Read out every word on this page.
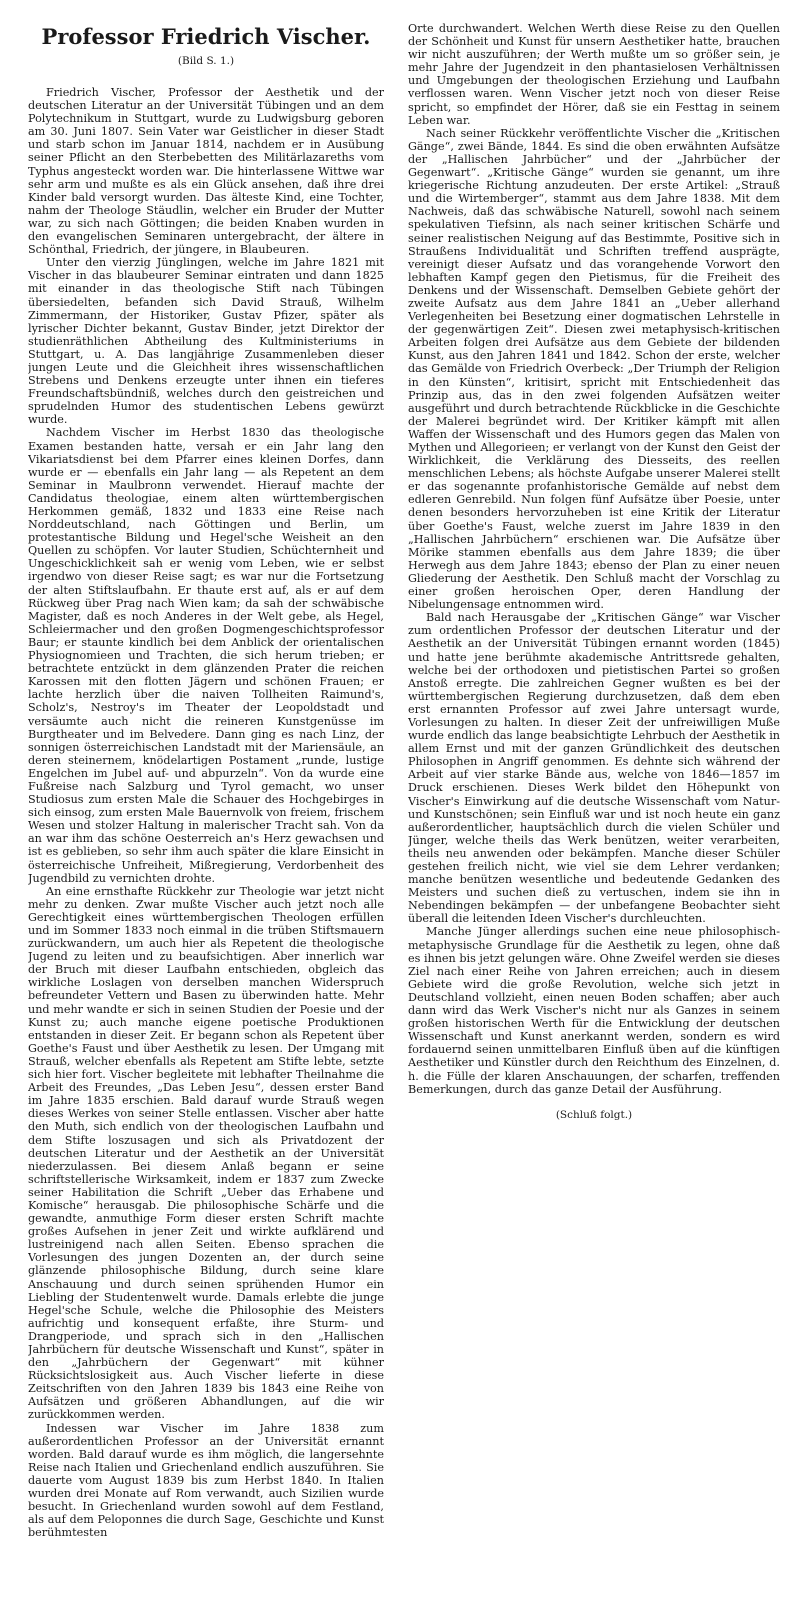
Professor Friedrich Vischer.
(Bild S. 1.)

Friedrich Vischer, Professor der Aesthetik und der deutschen Literatur an der Universität Tübingen und an dem Polytechnikum in Stuttgart, wurde zu Ludwigsburg geboren am 30. Juni 1807. Sein Vater war Geistlicher in dieser Stadt und starb schon im Januar 1814, nachdem er in Ausübung seiner Pflicht an den Sterbebetten des Militärlazareths vom Typhus angesteckt worden war. Die hinterlassene Wittwe war sehr arm und mußte es als ein Glück ansehen, daß ihre drei Kinder bald versorgt wurden. Das älteste Kind, eine Tochter, nahm der Theologe Stäudlin, welcher ein Bruder der Mutter war, zu sich nach Göttingen; die beiden Knaben wurden in den evangelischen Seminaren untergebracht, der ältere in Schönthal, Friedrich, der jüngere, in Blaubeuren.

Unter den vierzig Jünglingen, welche im Jahre 1821 mit Vischer in das blaubeurer Seminar eintraten und dann 1825 mit einander in das theologische Stift nach Tübingen übersiedelten, befanden sich David Strauß, Wilhelm Zimmermann, der Historiker, Gustav Pfizer, später als lyrischer Dichter bekannt, Gustav Binder, jetzt Direktor der studienräthlichen Abtheilung des Kultministeriums in Stuttgart, u. A. Das langjährige Zusammenleben dieser jungen Leute und die Gleichheit ihres wissenschaftlichen Strebens und Denkens erzeugte unter ihnen ein tieferes Freundschaftsbündniß, welches durch den geistreichen und sprudelnden Humor des studentischen Lebens gewürzt wurde.

Nachdem Vischer im Herbst 1830 das theologische Examen bestanden hatte, versah er ein Jahr lang den Vikariatsdienst bei dem Pfarrer eines kleinen Dorfes, dann wurde er — ebenfalls ein Jahr lang — als Repetent an dem Seminar in Maulbronn verwendet. Hierauf machte der Candidatus theologiae, einem alten württembergischen Herkommen gemäß, 1832 und 1833 eine Reise nach Norddeutschland, nach Göttingen und Berlin, um protestantische Bildung und Hegel'sche Weisheit an den Quellen zu schöpfen. Vor lauter Studien, Schüchternheit und Ungeschicklichkeit sah er wenig vom Leben, wie er selbst irgendwo von dieser Reise sagt; es war nur die Fortsetzung der alten Stiftslaufbahn. Er thaute erst auf, als er auf dem Rückweg über Prag nach Wien kam; da sah der schwäbische Magister, daß es noch Anderes in der Welt gebe, als Hegel, Schleiermacher und den großen Dogmengeschichtsprofessor Baur; er staunte kindlich bei dem Anblick der orientalischen Physiognomieen und Trachten, die sich herum trieben; er betrachtete entzückt in dem glänzenden Prater die reichen Karossen mit den flotten Jägern und schönen Frauen; er lachte herzlich über die naiven Tollheiten Raimund's, Scholz's, Nestroy's im Theater der Leopoldstadt und versäumte auch nicht die reineren Kunstgenüsse im Burgtheater und im Belvedere. Dann ging es nach Linz, der sonnigen österreichischen Landstadt mit der Mariensäule, an deren steinernem, knödelartigen Postament „runde, lustige Engelchen im Jubel auf- und abpurzeln“. Von da wurde eine Fußreise nach Salzburg und Tyrol gemacht, wo unser Studiosus zum ersten Male die Schauer des Hochgebirges in sich einsog, zum ersten Male Bauernvolk von freiem, frischem Wesen und stolzer Haltung in malerischer Tracht sah. Von da an war ihm das schöne Oesterreich an's Herz gewachsen und ist es geblieben, so sehr ihm auch später die klare Einsicht in österreichische Unfreiheit, Mißregierung, Verdorbenheit des Jugendbild zu vernichten drohte.

An eine ernsthafte Rückkehr zur Theologie war jetzt nicht mehr zu denken. Zwar mußte Vischer auch jetzt noch alle Gerechtigkeit eines württembergischen Theologen erfüllen und im Sommer 1833 noch einmal in die trüben Stiftsmauern zurückwandern, um auch hier als Repetent die theologische Jugend zu leiten und zu beaufsichtigen. Aber innerlich war der Bruch mit dieser Laufbahn entschieden, obgleich das wirkliche Loslagen von derselben manchen Widerspruch befreundeter Vettern und Basen zu überwinden hatte. Mehr und mehr wandte er sich in seinen Studien der Poesie und der Kunst zu; auch manche eigene poetische Produktionen entstanden in dieser Zeit. Er begann schon als Repetent über Goethe's Faust und über Aesthetik zu lesen. Der Umgang mit Strauß, welcher ebenfalls als Repetent am Stifte lebte, setzte sich hier fort. Vischer begleitete mit lebhafter Theilnahme die Arbeit des Freundes, „Das Leben Jesu“, dessen erster Band im Jahre 1835 erschien. Bald darauf wurde Strauß wegen dieses Werkes von seiner Stelle entlassen. Vischer aber hatte den Muth, sich endlich von der theologischen Laufbahn und dem Stifte loszusagen und sich als Privatdozent der deutschen Literatur und der Aesthetik an der Universität niederzulassen. Bei diesem Anlaß begann er seine schriftstellerische Wirksamkeit, indem er 1837 zum Zwecke seiner Habilitation die Schrift „Ueber das Erhabene und Komische“ herausgab. Die philosophische Schärfe und die gewandte, anmuthige Form dieser ersten Schrift machte großes Aufsehen in jener Zeit und wirkte aufklärend und lustreinigend nach allen Seiten. Ebenso sprachen die Vorlesungen des jungen Dozenten an, der durch seine glänzende philosophische Bildung, durch seine klare Anschauung und durch seinen sprühenden Humor ein Liebling der Studentenwelt wurde. Damals erlebte die junge Hegel'sche Schule, welche die Philosophie des Meisters aufrichtig und konsequent erfaßte, ihre Sturm- und Drangperiode, und sprach sich in den „Hallischen Jahrbüchern für deutsche Wissenschaft und Kunst“, später in den „Jahrbüchern der Gegenwart“ mit kühner Rücksichtslosigkeit aus. Auch Vischer lieferte in diese Zeitschriften von den Jahren 1839 bis 1843 eine Reihe von Aufsätzen und größeren Abhandlungen, auf die wir zurückkommen werden.

Indessen war Vischer im Jahre 1838 zum außerordentlichen Professor an der Universität ernannt worden. Bald darauf wurde es ihm möglich, die langersehnte Reise nach Italien und Griechenland endlich auszuführen. Sie dauerte vom August 1839 bis zum Herbst 1840. In Italien wurden drei Monate auf Rom verwandt, auch Sizilien wurde besucht. In Griechenland wurden sowohl auf dem Festland, als auf dem Peloponnes die durch Sage, Geschichte und Kunst berühmtesten

Orte durchwandert. Welchen Werth diese Reise zu den Quellen der Schönheit und Kunst für unsern Aesthetiker hatte, brauchen wir nicht auszuführen; der Werth mußte um so größer sein, je mehr Jahre der Jugendzeit in den phantasielosen Verhältnissen und Umgebungen der theologischen Erziehung und Laufbahn verflossen waren. Wenn Vischer jetzt noch von dieser Reise spricht, so empfindet der Hörer, daß sie ein Festtag in seinem Leben war.

Nach seiner Rückkehr veröffentlichte Vischer die „Kritischen Gänge“, zwei Bände, 1844. Es sind die oben erwähnten Aufsätze der „Hallischen Jahrbücher“ und der „Jahrbücher der Gegenwart“. „Kritische Gänge“ wurden sie genannt, um ihre kriegerische Richtung anzudeuten. Der erste Artikel: „Strauß und die Wirtemberger“, stammt aus dem Jahre 1838. Mit dem Nachweis, daß das schwäbische Naturell, sowohl nach seinem spekulativen Tiefsinn, als nach seiner kritischen Schärfe und seiner realistischen Neigung auf das Bestimmte, Positive sich in Straußens Individualität und Schriften treffend ausprägte, vereinigt dieser Aufsatz und das vorangehende Vorwort den lebhaften Kampf gegen den Pietismus, für die Freiheit des Denkens und der Wissenschaft. Demselben Gebiete gehört der zweite Aufsatz aus dem Jahre 1841 an „Ueber allerhand Verlegenheiten bei Besetzung einer dogmatischen Lehrstelle in der gegenwärtigen Zeit“. Diesen zwei metaphysisch-kritischen Arbeiten folgen drei Aufsätze aus dem Gebiete der bildenden Kunst, aus den Jahren 1841 und 1842. Schon der erste, welcher das Gemälde von Friedrich Overbeck: „Der Triumph der Religion in den Künsten“, kritisirt, spricht mit Entschiedenheit das Prinzip aus, das in den zwei folgenden Aufsätzen weiter ausgeführt und durch betrachtende Rückblicke in die Geschichte der Malerei begründet wird. Der Kritiker kämpft mit allen Waffen der Wissenschaft und des Humors gegen das Malen von Mythen und Allegorieen; er verlangt von der Kunst den Geist der Wirklichkeit, die Verklärung des Diesseits, des reellen menschlichen Lebens; als höchste Aufgabe unserer Malerei stellt er das sogenannte profanhistorische Gemälde auf nebst dem edleren Genrebild. Nun folgen fünf Aufsätze über Poesie, unter denen besonders hervorzuheben ist eine Kritik der Literatur über Goethe's Faust, welche zuerst im Jahre 1839 in den „Hallischen Jahrbüchern“ erschienen war. Die Aufsätze über Mörike stammen ebenfalls aus dem Jahre 1839; die über Herwegh aus dem Jahre 1843; ebenso der Plan zu einer neuen Gliederung der Aesthetik. Den Schluß macht der Vorschlag zu einer großen heroischen Oper, deren Handlung der Nibelungensage entnommen wird.

Bald nach Herausgabe der „Kritischen Gänge“ war Vischer zum ordentlichen Professor der deutschen Literatur und der Aesthetik an der Universität Tübingen ernannt worden (1845) und hatte jene berühmte akademische Antrittsrede gehalten, welche bei der orthodoxen und pietistischen Partei so großen Anstoß erregte. Die zahlreichen Gegner wußten es bei der württembergischen Regierung durchzusetzen, daß dem eben erst ernannten Professor auf zwei Jahre untersagt wurde, Vorlesungen zu halten. In dieser Zeit der unfreiwilligen Muße wurde endlich das lange beabsichtigte Lehrbuch der Aesthetik in allem Ernst und mit der ganzen Gründlichkeit des deutschen Philosophen in Angriff genommen. Es dehnte sich während der Arbeit auf vier starke Bände aus, welche von 1846—1857 im Druck erschienen. Dieses Werk bildet den Höhepunkt von Vischer's Einwirkung auf die deutsche Wissenschaft vom Natur- und Kunstschönen; sein Einfluß war und ist noch heute ein ganz außerordentlicher, hauptsächlich durch die vielen Schüler und Jünger, welche theils das Werk benützen, weiter verarbeiten, theils neu anwenden oder bekämpfen. Manche dieser Schüler gestehen freilich nicht, wie viel sie dem Lehrer verdanken; manche benützen wesentliche und bedeutende Gedanken des Meisters und suchen dieß zu vertuschen, indem sie ihn in Nebendingen bekämpfen — der unbefangene Beobachter sieht überall die leitenden Ideen Vischer's durchleuchten.

Manche Jünger allerdings suchen eine neue philosophisch-metaphysische Grundlage für die Aesthetik zu legen, ohne daß es ihnen bis jetzt gelungen wäre. Ohne Zweifel werden sie dieses Ziel nach einer Reihe von Jahren erreichen; auch in diesem Gebiete wird die große Revolution, welche sich jetzt in Deutschland vollzieht, einen neuen Boden schaffen; aber auch dann wird das Werk Vischer's nicht nur als Ganzes in seinem großen historischen Werth für die Entwicklung der deutschen Wissenschaft und Kunst anerkannt werden, sondern es wird fordauernd seinen unmittelbaren Einfluß üben auf die künftigen Aesthetiker und Künstler durch den Reichthum des Einzelnen, d. h. die Fülle der klaren Anschauungen, der scharfen, treffenden Bemerkungen, durch das ganze Detail der Ausführung.

(Schluß folgt.)
